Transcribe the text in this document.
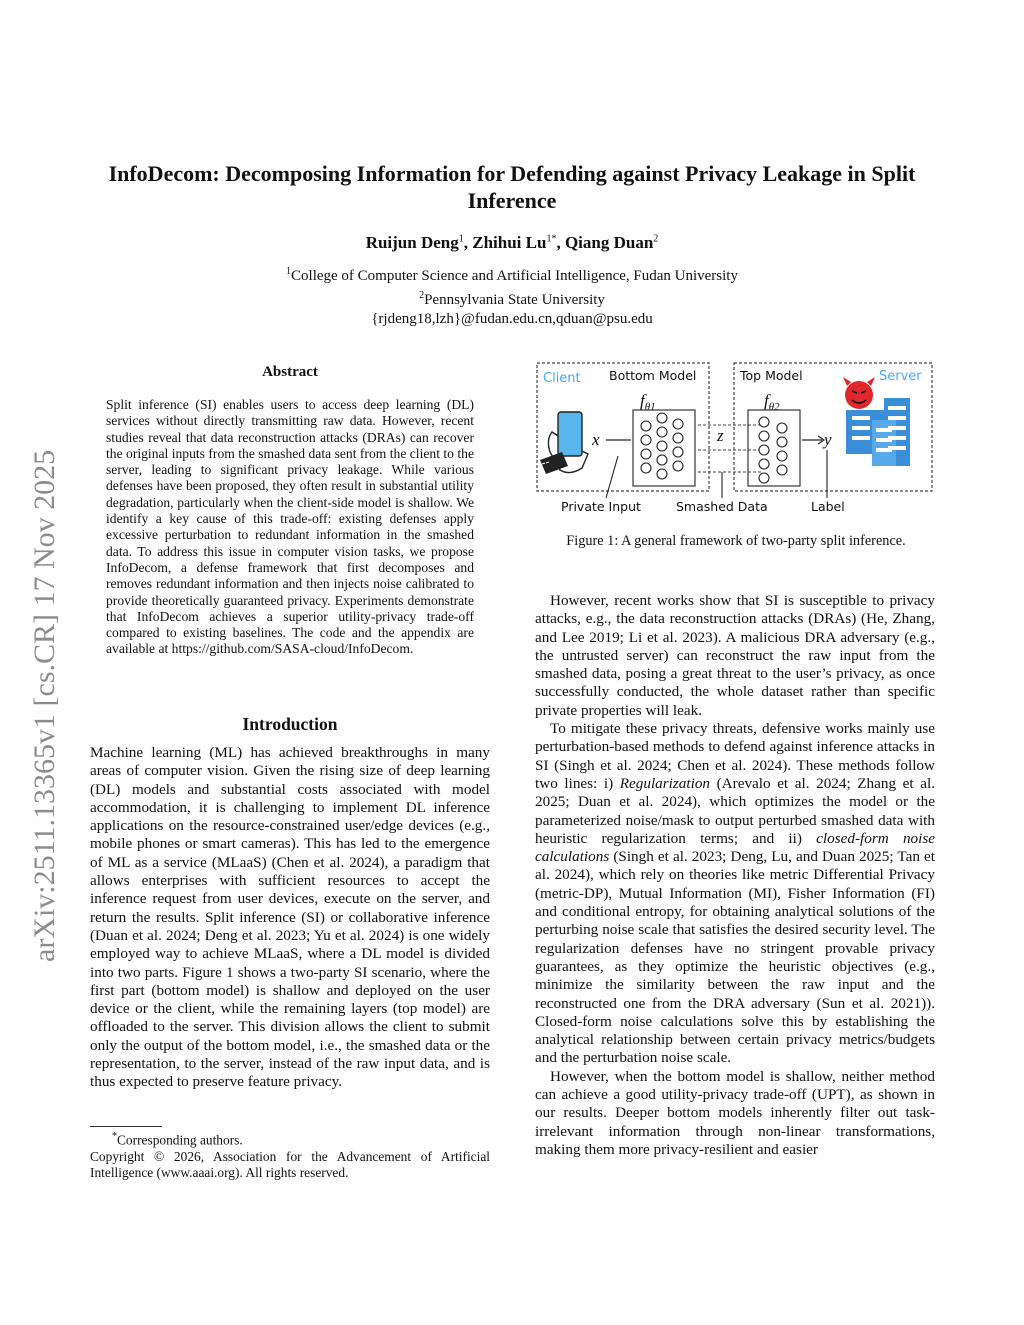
arXiv:2511.13365v1 [cs.CR] 17 Nov 2025
InfoDecom: Decomposing Information for Defending against Privacy Leakage in Split Inference
Ruijun Deng$^1$, Zhihui $Lu^{1*}$, Qiang Duan$^2$
$^1$College of Computer Science and Artificial Intelligence, Fudan University
$^2$Pennsylvania State University
{rjdeng18,lzh}@fudan.edu.cn,qduan@psu.edu
Abstract

Split inference (SI) enables users to access deep learning (DL) services without directly transmitting raw data. However, recent studies reveal that data reconstruction attacks (DRAs) can recover the original inputs from the smashed data sent from the client to the server, leading to significant privacy leakage. While various defenses have been proposed, they often result in substantial utility degradation, particularly when the client-side model is shallow. We identify a key cause of this trade-off: existing defenses apply excessive perturbation to redundant information in the smashed data. To address this issue in computer vision tasks, we propose InfoDecom, a defense framework that first decomposes and removes redundant information and then injects noise calibrated to provide theoretically guaranteed privacy. Experiments demonstrate that InfoDecom achieves a superior utility-privacy trade-off compared to existing baselines. The code and the appendix are available at https://github.com/SASA-cloud/InfoDecom.

Introduction

Machine learning (ML) has achieved breakthroughs in many areas of computer vision. Given the rising size of deep learning (DL) models and substantial costs associated with model accommodation, it is challenging to implement DL inference applications on the resource-constrained user/edge devices (e.g., mobile phones or smart cameras). This has led to the emergence of ML as a service (MLaaS) (Chen et al. 2024), a paradigm that allows enterprises with sufficient resources to accept the inference request from user devices, execute on the server, and return the results. Split inference (SI) or collaborative inference (Duan et al. 2024; Deng et al. 2023; Yu et al. 2024) is one widely employed way to achieve MLaaS, where a DL model is divided into two parts. Figure 1 shows a two-party SI scenario, where the first part (bottom model) is shallow and deployed on the user device or the client, while the remaining layers (top model) are offloaded to the server. This division allows the client to submit only the output of the bottom model, i.e., the smashed data or the representation, to the server, instead of the raw input data, and is thus expected to preserve feature privacy.

*Corresponding authors.

Copyright © 2026, Association for the Advancement of Artificial Intelligence (www.aaai.org). All rights reserved.

Client	Server
Bottom Model	Top Model
x
$f_{\theta 1}$
z
$f_{\theta 2}$
y
Private Input	Smashed Data	Label
Figure 1: A general framework of two-party split inference.

However, recent works show that SI is susceptible to privacy attacks, e.g., the data reconstruction attacks (DRAs) (He, Zhang, and Lee 2019; Li et al. 2023). A malicious DRA adversary (e.g., the untrusted server) can reconstruct the raw input from the smashed data, posing a great threat to the user’s privacy, as once successfully conducted, the whole dataset rather than specific private properties will leak.

To mitigate these privacy threats, defensive works mainly use perturbation-based methods to defend against inference attacks in SI (Singh et al. 2024; Chen et al. 2024). These methods follow two lines: i) Regularization (Arevalo et al. 2024; Zhang et al. 2025; Duan et al. 2024), which optimizes the model or the parameterized noise/mask to output perturbed smashed data with heuristic regularization terms; and ii) closed-form noise calculations (Singh et al. 2023; Deng, Lu, and Duan 2025; Tan et al. 2024), which rely on theories like metric Differential Privacy (metric-DP), Mutual Information (MI), Fisher Information (FI) and conditional entropy, for obtaining analytical solutions of the perturbing noise scale that satisfies the desired security level. The regularization defenses have no stringent provable privacy guarantees, as they optimize the heuristic objectives (e.g., minimize the similarity between the raw input and the reconstructed one from the DRA adversary (Sun et al. 2021)). Closed-form noise calculations solve this by establishing the analytical relationship between certain privacy metrics/budgets and the perturbation noise scale.

However, when the bottom model is shallow, neither method can achieve a good utility-privacy trade-off (UPT), as shown in our results. Deeper bottom models inherently filter out task-irrelevant information through non-linear transformations, making them more privacy-resilient and easier
